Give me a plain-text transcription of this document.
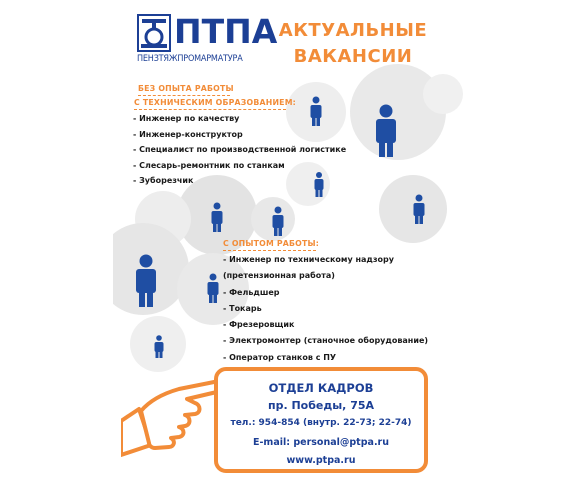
ПТПА
ПЕНЗТЯЖПРОМАРМАТУРА
АКТУАЛЬНЫЕ
ВАКАНСИИ
БЕЗ ОПЫТА РАБОТЫ
С ТЕХНИЧЕСКИМ ОБРАЗОВАНИЕМ:
- Инженер по качеству
- Инженер-конструктор
- Специалист по производственной логистике
- Слесарь-ремонтник по станкам
- Зуборезчик
С ОПЫТОМ РАБОТЫ:
- Инженер по техническому надзору
(претензионная работа)
- Фельдшер
- Токарь
- Фрезеровщик
- Электромонтер (станочное оборудование)
- Оператор станков с ПУ
ОТДЕЛ КАДРОВ
пр. Победы, 75А
тел.: 954-854 (внутр. 22-73; 22-74)
E-mail: personal@ptpa.ru
www.ptpa.ru
